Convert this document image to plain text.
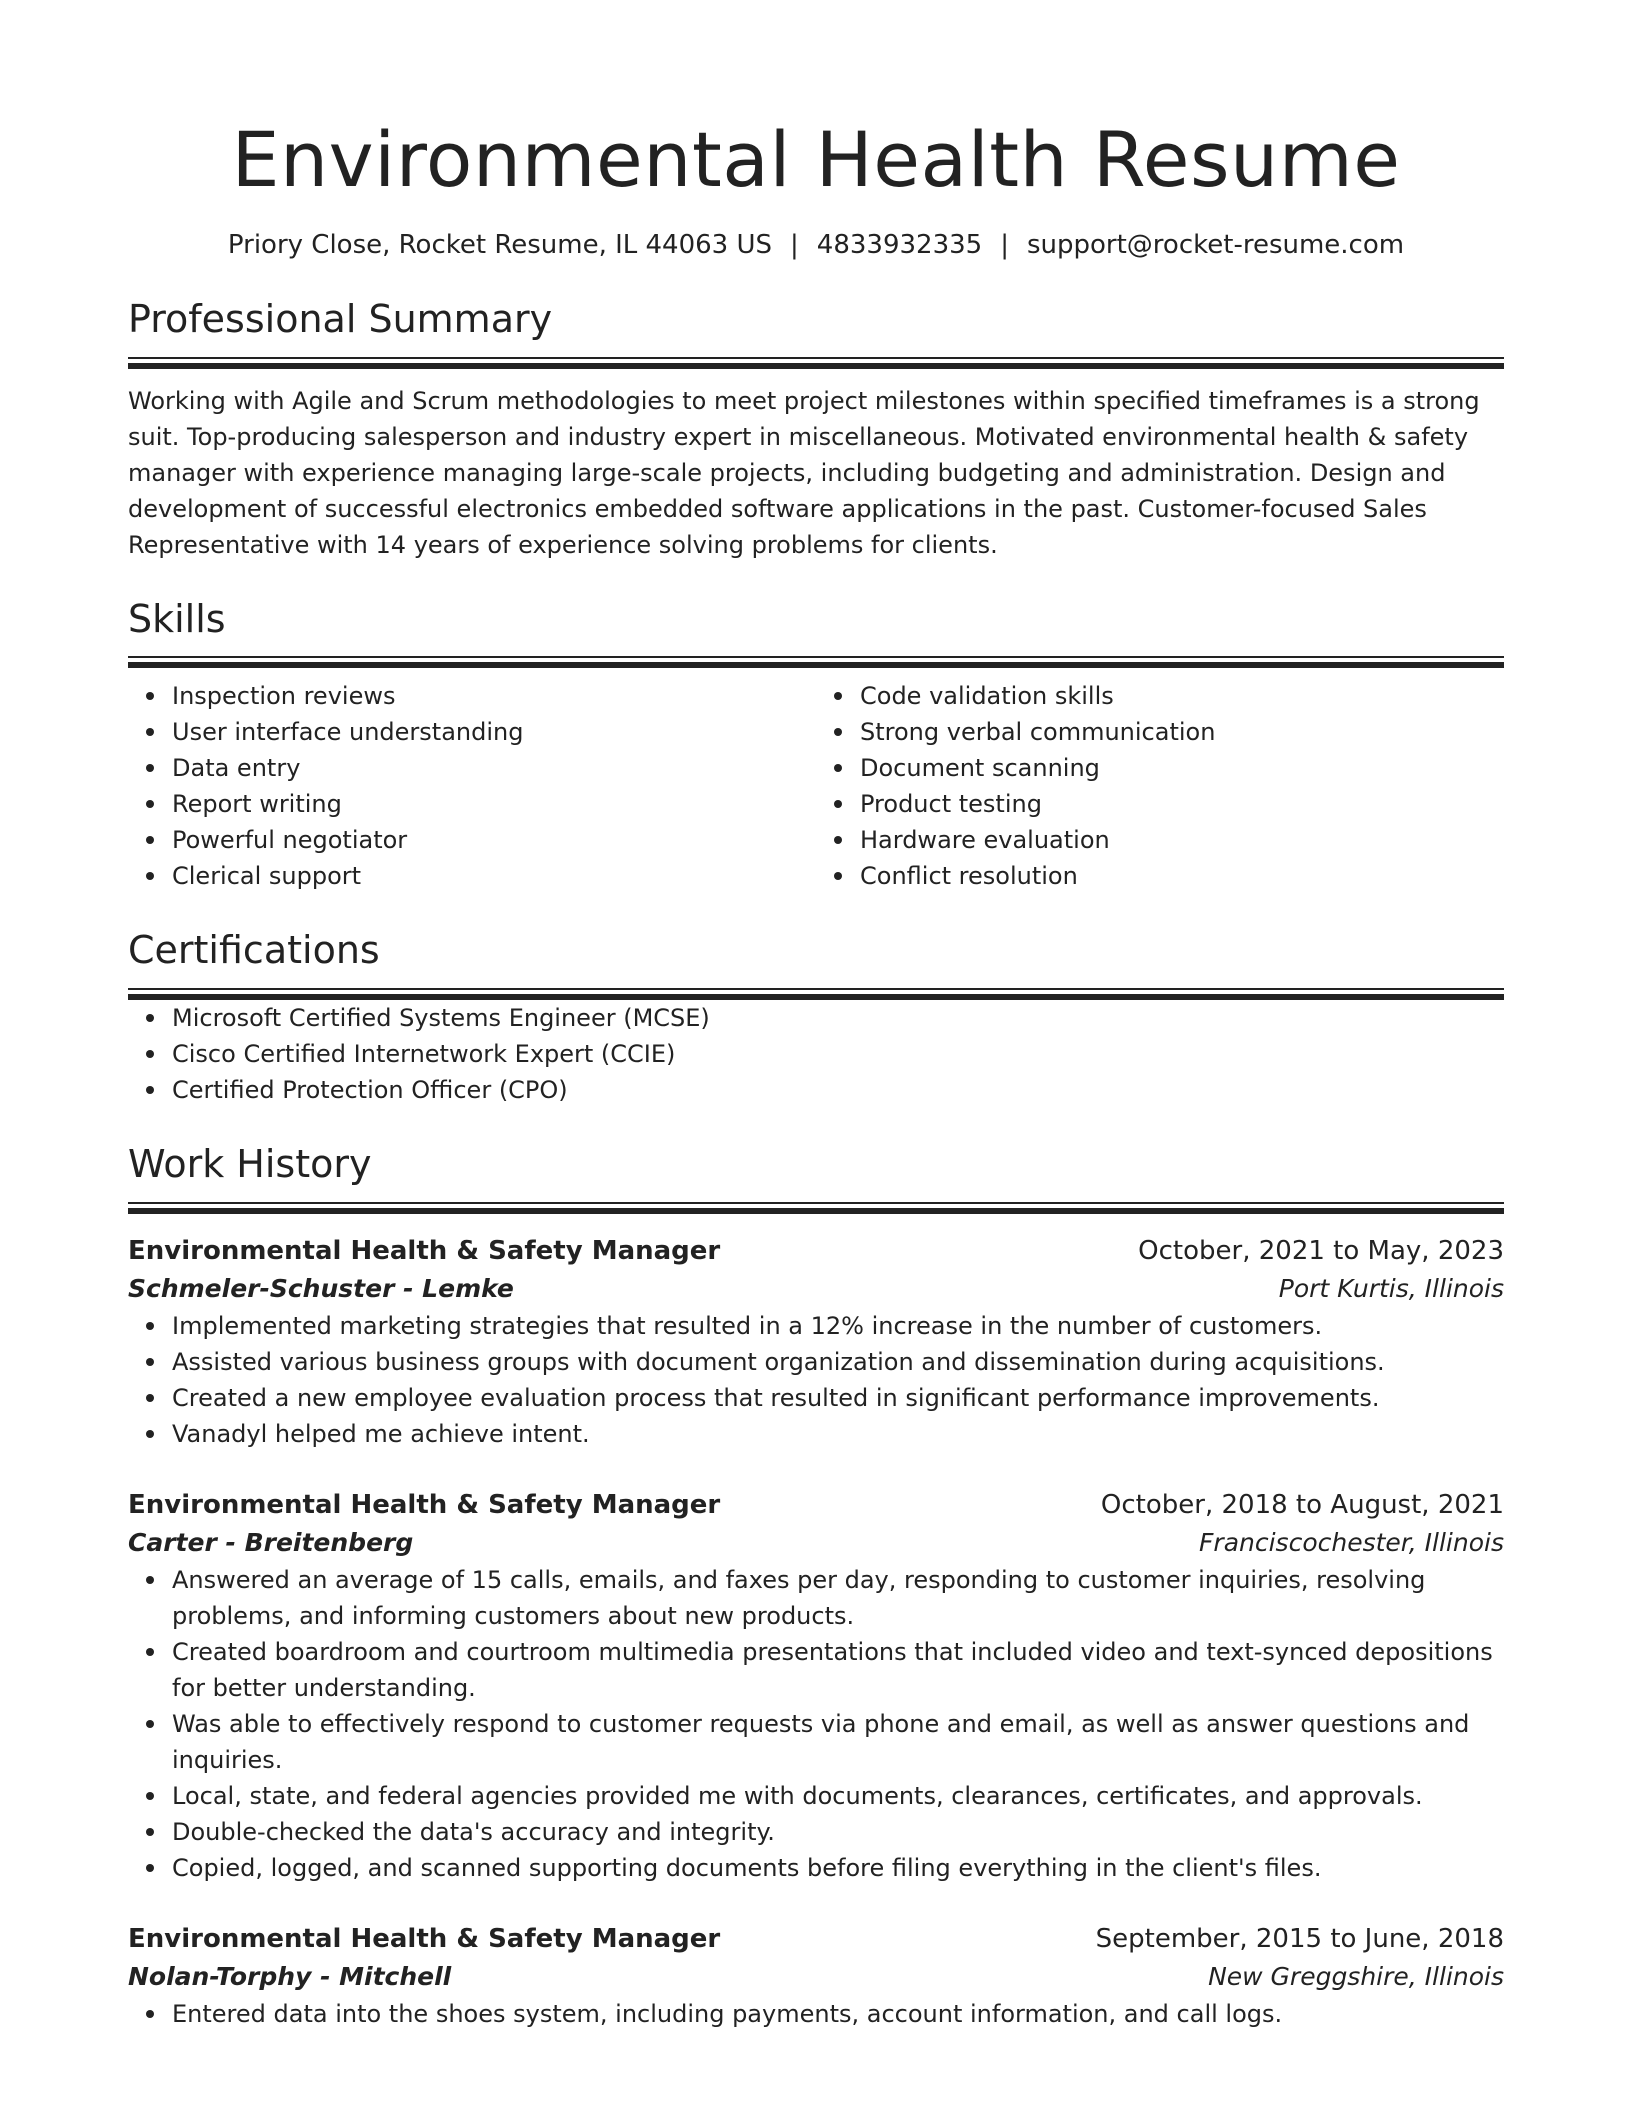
Environmental Health Resume
Priory Close, Rocket Resume, IL 44063 US | 4833932335 | support@rocket-resume.com
Professional Summary

Working with Agile and Scrum methodologies to meet project milestones within specified timeframes is a strong suit. Top-producing salesperson and industry expert in miscellaneous. Motivated environmental health & safety manager with experience managing large-scale projects, including budgeting and administration. Design and development of successful electronics embedded software applications in the past. Customer-focused Sales Representative with 14 years of experience solving problems for clients.

Skills
Inspection reviews
User interface understanding
Data entry
Report writing
Powerful negotiator
Clerical support
Code validation skills
Strong verbal communication
Document scanning
Product testing
Hardware evaluation
Conflict resolution
Certifications
Microsoft Certified Systems Engineer (MCSE)
Cisco Certified Internetwork Expert (CCIE)
Certified Protection Officer (CPO)
Work History
Environmental Health & Safety Manager	October, 2021 to May, 2023
Schmeler-Schuster - Lemke	Port Kurtis, Illinois
Implemented marketing strategies that resulted in a 12% increase in the number of customers.
Assisted various business groups with document organization and dissemination during acquisitions.
Created a new employee evaluation process that resulted in significant performance improvements.
Vanadyl helped me achieve intent.
Environmental Health & Safety Manager	October, 2018 to August, 2021
Carter - Breitenberg	Franciscochester, Illinois
Answered an average of 15 calls, emails, and faxes per day, responding to customer inquiries, resolving problems, and informing customers about new products.
Created boardroom and courtroom multimedia presentations that included video and text-synced depositions for better understanding.
Was able to effectively respond to customer requests via phone and email, as well as answer questions and inquiries.
Local, state, and federal agencies provided me with documents, clearances, certificates, and approvals.
Double-checked the data's accuracy and integrity.
Copied, logged, and scanned supporting documents before filing everything in the client's files.
Environmental Health & Safety Manager	September, 2015 to June, 2018
Nolan-Torphy - Mitchell	New Greggshire, Illinois
Entered data into the shoes system, including payments, account information, and call logs.
